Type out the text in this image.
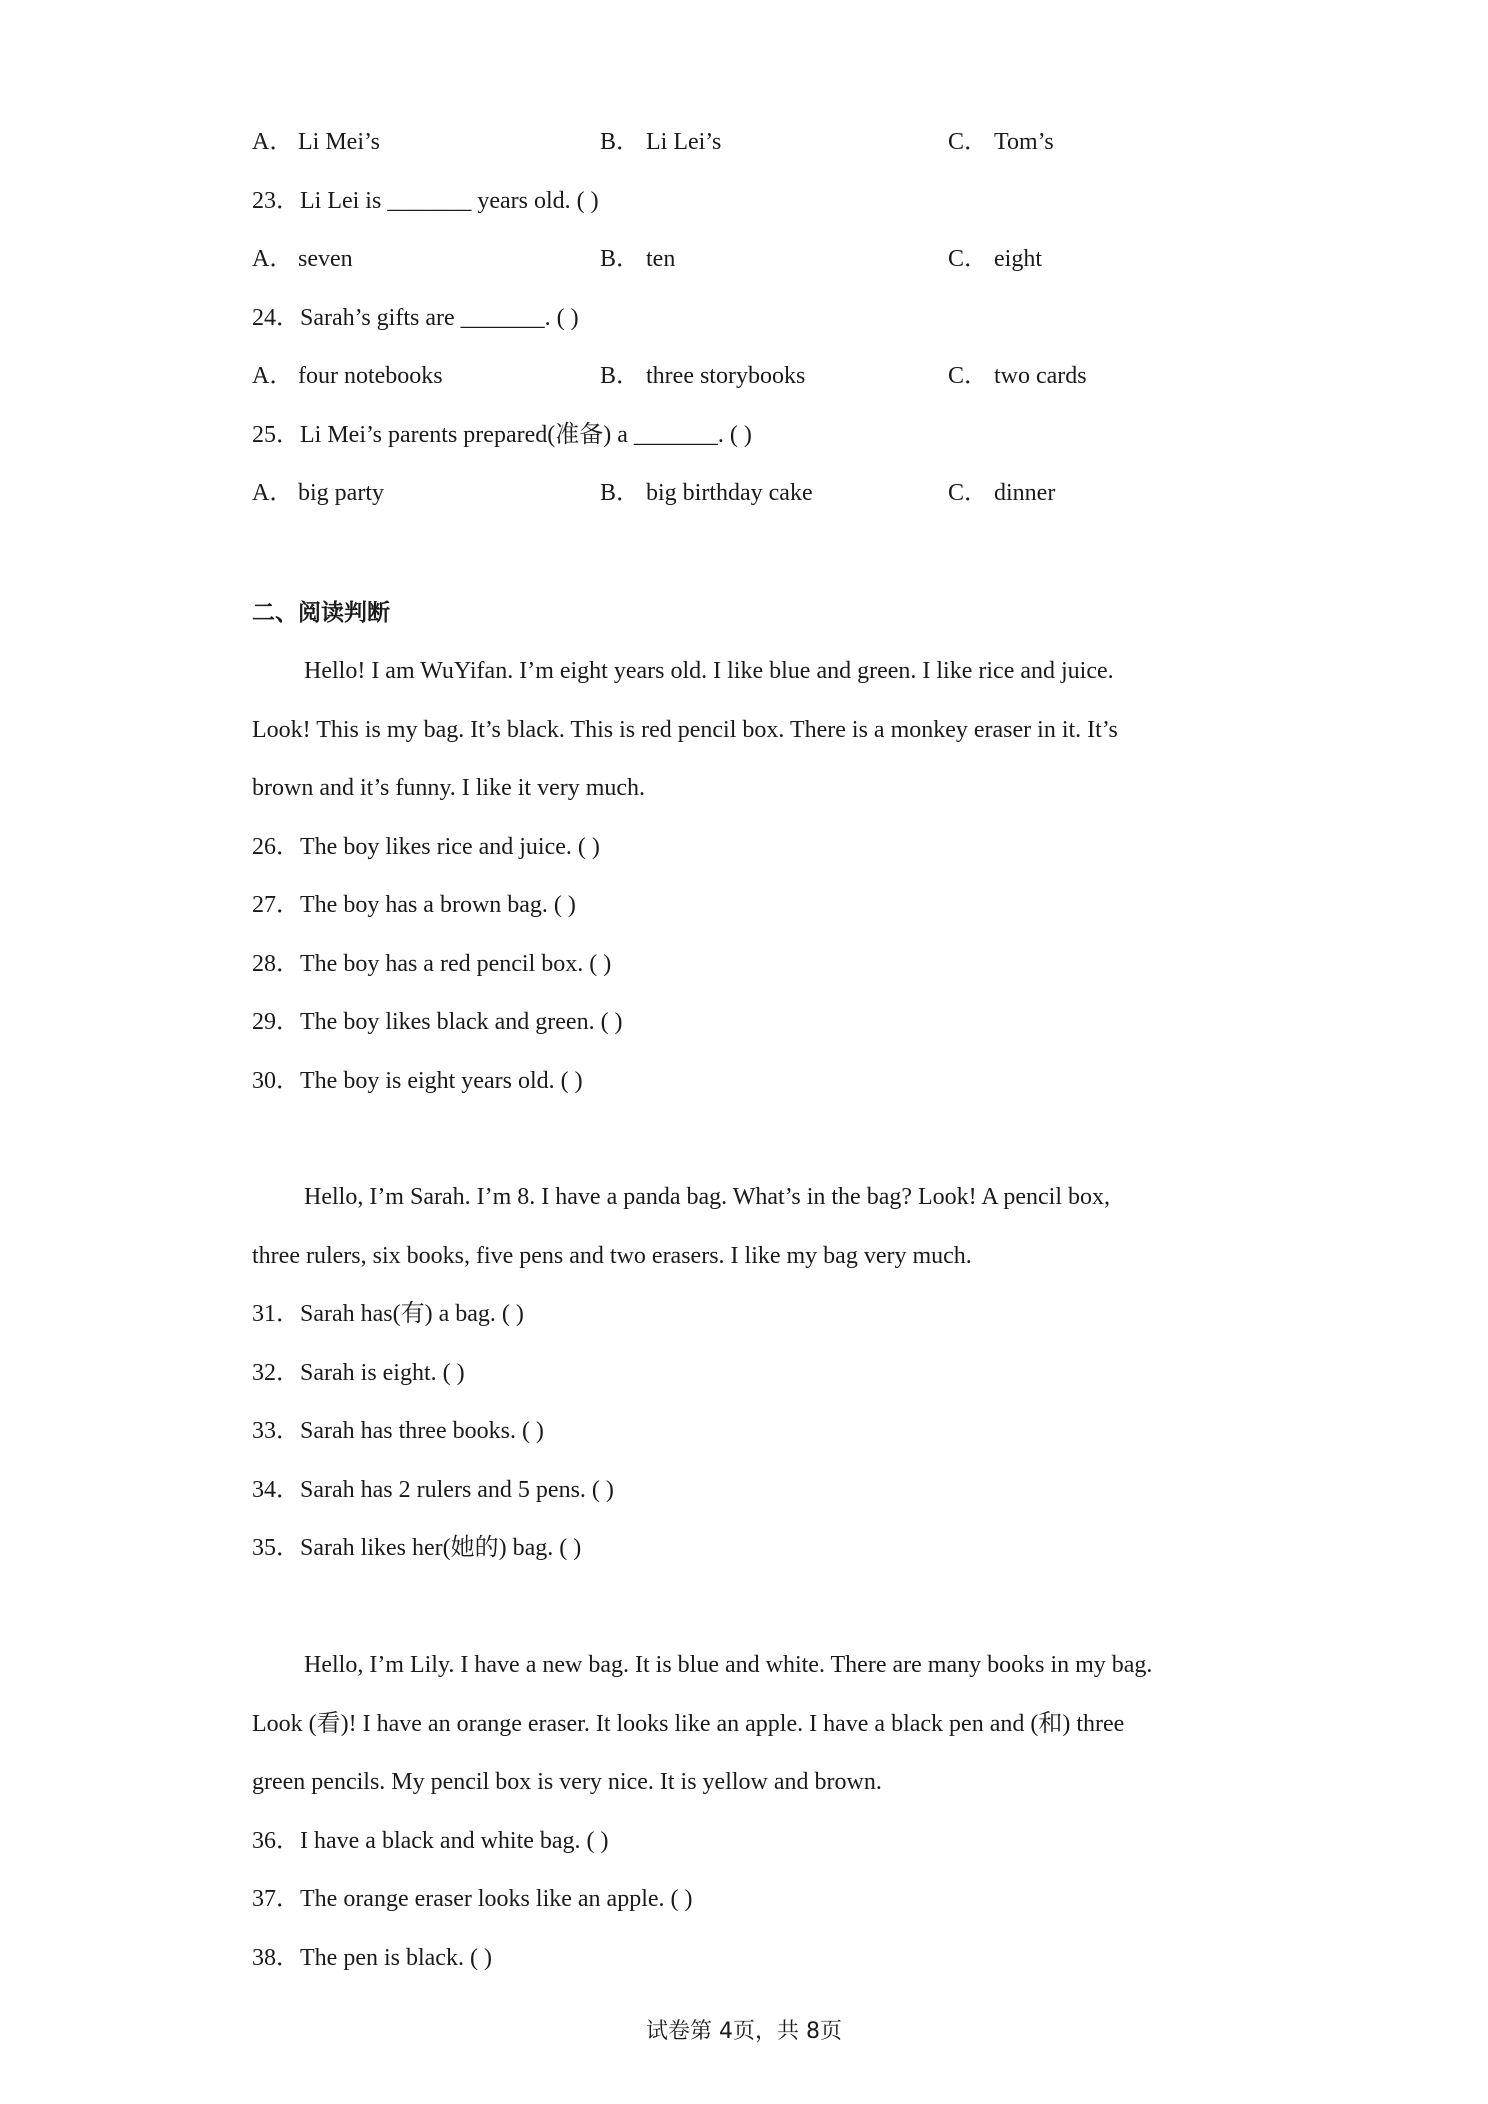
A． Li Mei’s	B． Li Lei’s	C． Tom’s
23．Li Lei is _______ years old. ( )
A． seven	B． ten	C． eight
24．Sarah’s gifts are _______. ( )
A． four notebooks	B． three storybooks	C． two cards
25．Li Mei’s parents prepared(准备) a _______. ( )
A． big party	B． big birthday cake	C． dinner
二、阅读判断
Hello! I am WuYifan. I’m eight years old. I like blue and green. I like rice and juice.
Look! This is my bag. It’s black. This is red pencil box. There is a monkey eraser in it. It’s
brown and it’s funny. I like it very much.
26．The boy likes rice and juice. ( )
27．The boy has a brown bag. ( )
28．The boy has a red pencil box. ( )
29．The boy likes black and green. ( )
30．The boy is eight years old. ( )
Hello, I’m Sarah. I’m 8. I have a panda bag. What’s in the bag? Look! A pencil box,
three rulers, six books, five pens and two erasers. I like my bag very much.
31．Sarah has(有) a bag. ( )
32．Sarah is eight. ( )
33．Sarah has three books. ( )
34．Sarah has 2 rulers and 5 pens. ( )
35．Sarah likes her(她的) bag. ( )
Hello, I’m Lily. I have a new bag. It is blue and white. There are many books in my bag.
Look (看)! I have an orange eraser. It looks like an apple. I have a black pen and (和) three
green pencils. My pencil box is very nice. It is yellow and brown.
36．I have a black and white bag. ( )
37．The orange eraser looks like an apple. ( )
38．The pen is black. ( )
试卷第 4页，共 8页
